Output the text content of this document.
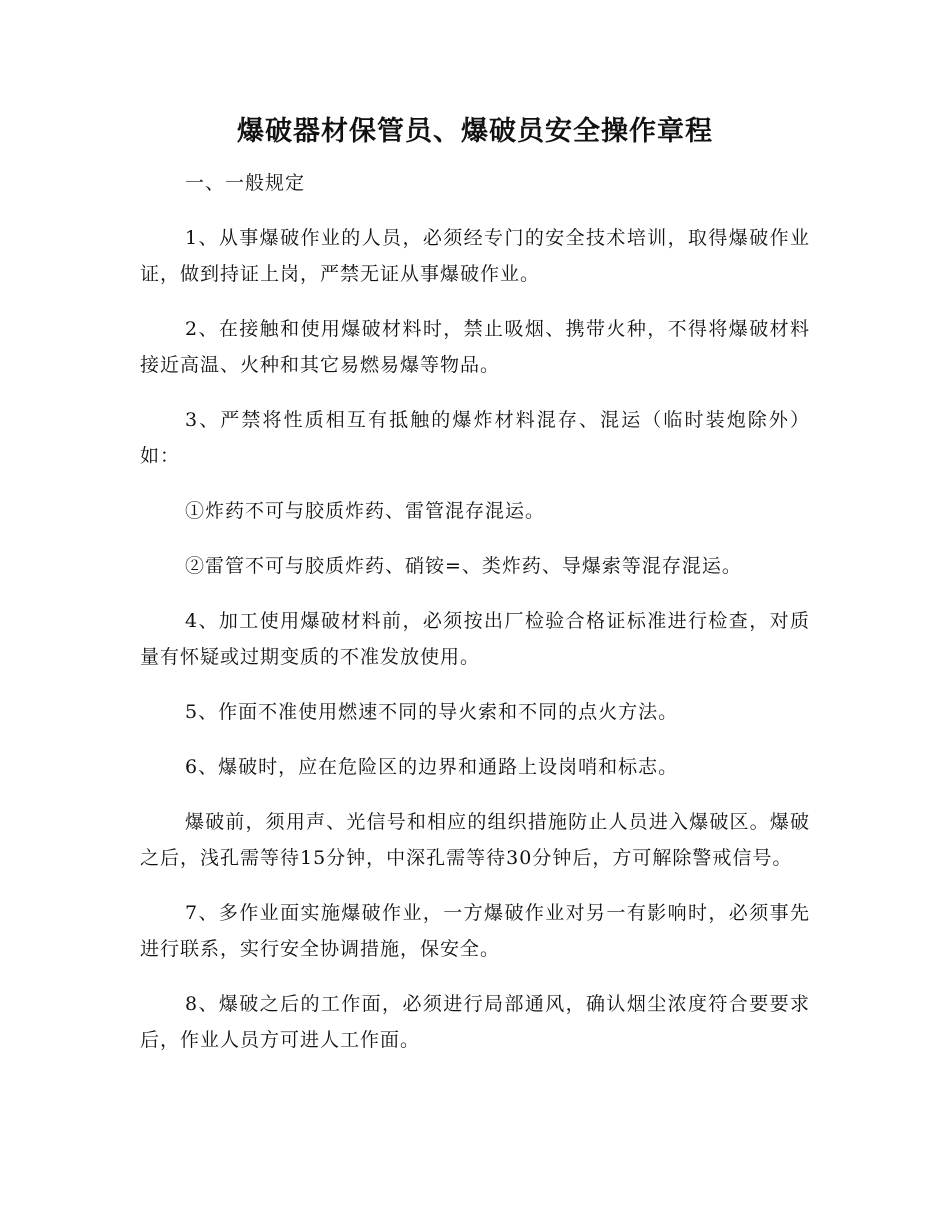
爆破器材保管员、爆破员安全操作章程

一、一般规定

1、从事爆破作业的人员，必须经专门的安全技术培训，取得爆破作业证，做到持证上岗，严禁无证从事爆破作业。

2、在接触和使用爆破材料时，禁止吸烟、携带火种，不得将爆破材料接近高温、火种和其它易燃易爆等物品。

3、严禁将性质相互有抵触的爆炸材料混存、混运（临时装炮除外）如：

①炸药不可与胶质炸药、雷管混存混运。

②雷管不可与胶质炸药、硝铵=、类炸药、导爆索等混存混运。

4、加工使用爆破材料前，必须按出厂检验合格证标准进行检查，对质量有怀疑或过期变质的不准发放使用。

5、作面不准使用燃速不同的导火索和不同的点火方法。

6、爆破时，应在危险区的边界和通路上设岗哨和标志。

爆破前，须用声、光信号和相应的组织措施防止人员进入爆破区。爆破之后，浅孔需等待15分钟，中深孔需等待30分钟后，方可解除警戒信号。

7、多作业面实施爆破作业，一方爆破作业对另一有影响时，必须事先进行联系，实行安全协调措施，保安全。

8、爆破之后的工作面，必须进行局部通风，确认烟尘浓度符合要要求后，作业人员方可进人工作面。
